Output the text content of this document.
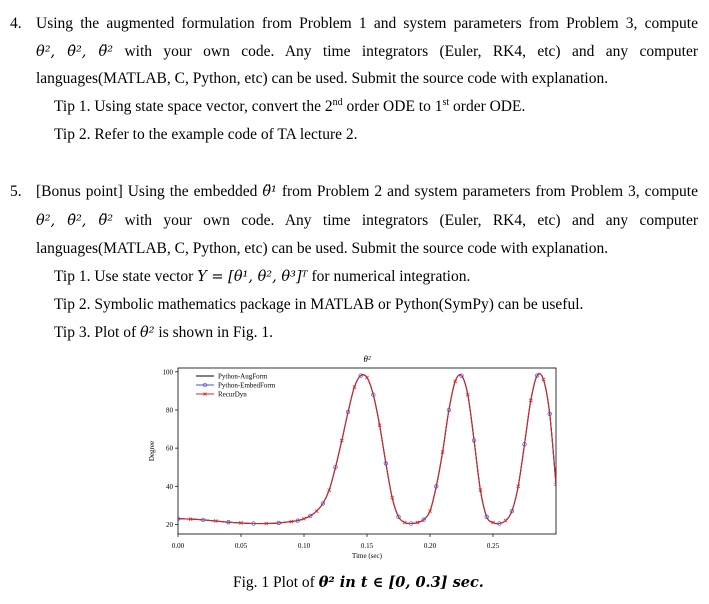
4. Using the augmented formulation from Problem 1 and system parameters from Problem 3, compute
θ², θ̇², θ̈² with your own code. Any time integrators (Euler, RK4, etc) and any computer
languages(MATLAB, C, Python, etc) can be used. Submit the source code with explanation.
Tip 1. Using state space vector, convert the 2nd order ODE to 1st order ODE.
Tip 2. Refer to the example code of TA lecture 2.
5. [Bonus point] Using the embedded θ̈¹ from Problem 2 and system parameters from Problem 3, compute
θ², θ̇², θ̈² with your own code. Any time integrators (Euler, RK4, etc) and any computer
languages(MATLAB, C, Python, etc) can be used. Submit the source code with explanation.
Tip 1. Use state vector Y = [θ¹, θ², θ³]ᵀ for numerical integration.
Tip 2. Symbolic mathematics package in MATLAB or Python(SymPy) can be useful.
Tip 3. Plot of θ² is shown in Fig. 1.
θ²
0.00	0.05	0.10	0.15	0.20	0.25
20
40
60
80
100
Time (sec)
Degree
Python-AugForm
Python-EmbedForm
RecurDyn
Fig. 1 Plot of θ² in t ∈ [0, 0.3] sec.
